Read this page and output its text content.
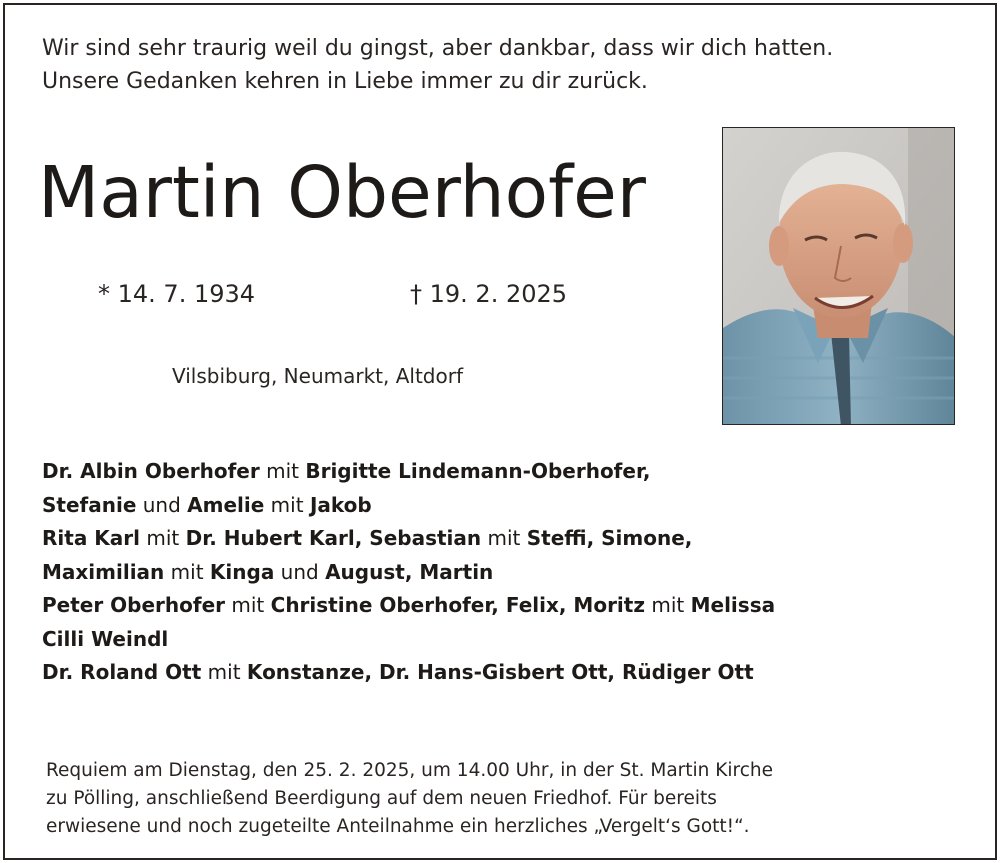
Wir sind sehr traurig weil du gingst, aber dankbar, dass wir dich hatten.
Unsere Gedanken kehren in Liebe immer zu dir zurück.
Martin Oberhofer
* 14. 7. 1934	† 19. 2. 2025
Vilsbiburg, Neumarkt, Altdorf
Dr. Albin Oberhofer mit Brigitte Lindemann-Oberhofer,
Stefanie und Amelie mit Jakob
Rita Karl mit Dr. Hubert Karl, Sebastian mit Steffi, Simone,
Maximilian mit Kinga und August, Martin
Peter Oberhofer mit Christine Oberhofer, Felix, Moritz mit Melissa
Cilli Weindl
Dr. Roland Ott mit Konstanze, Dr. Hans-Gisbert Ott, Rüdiger Ott
Requiem am Dienstag, den 25. 2. 2025, um 14.00 Uhr, in der St. Martin Kirche
zu Pölling, anschließend Beerdigung auf dem neuen Friedhof. Für bereits
erwiesene und noch zugeteilte Anteilnahme ein herzliches „Vergelt‘s Gott!“.
